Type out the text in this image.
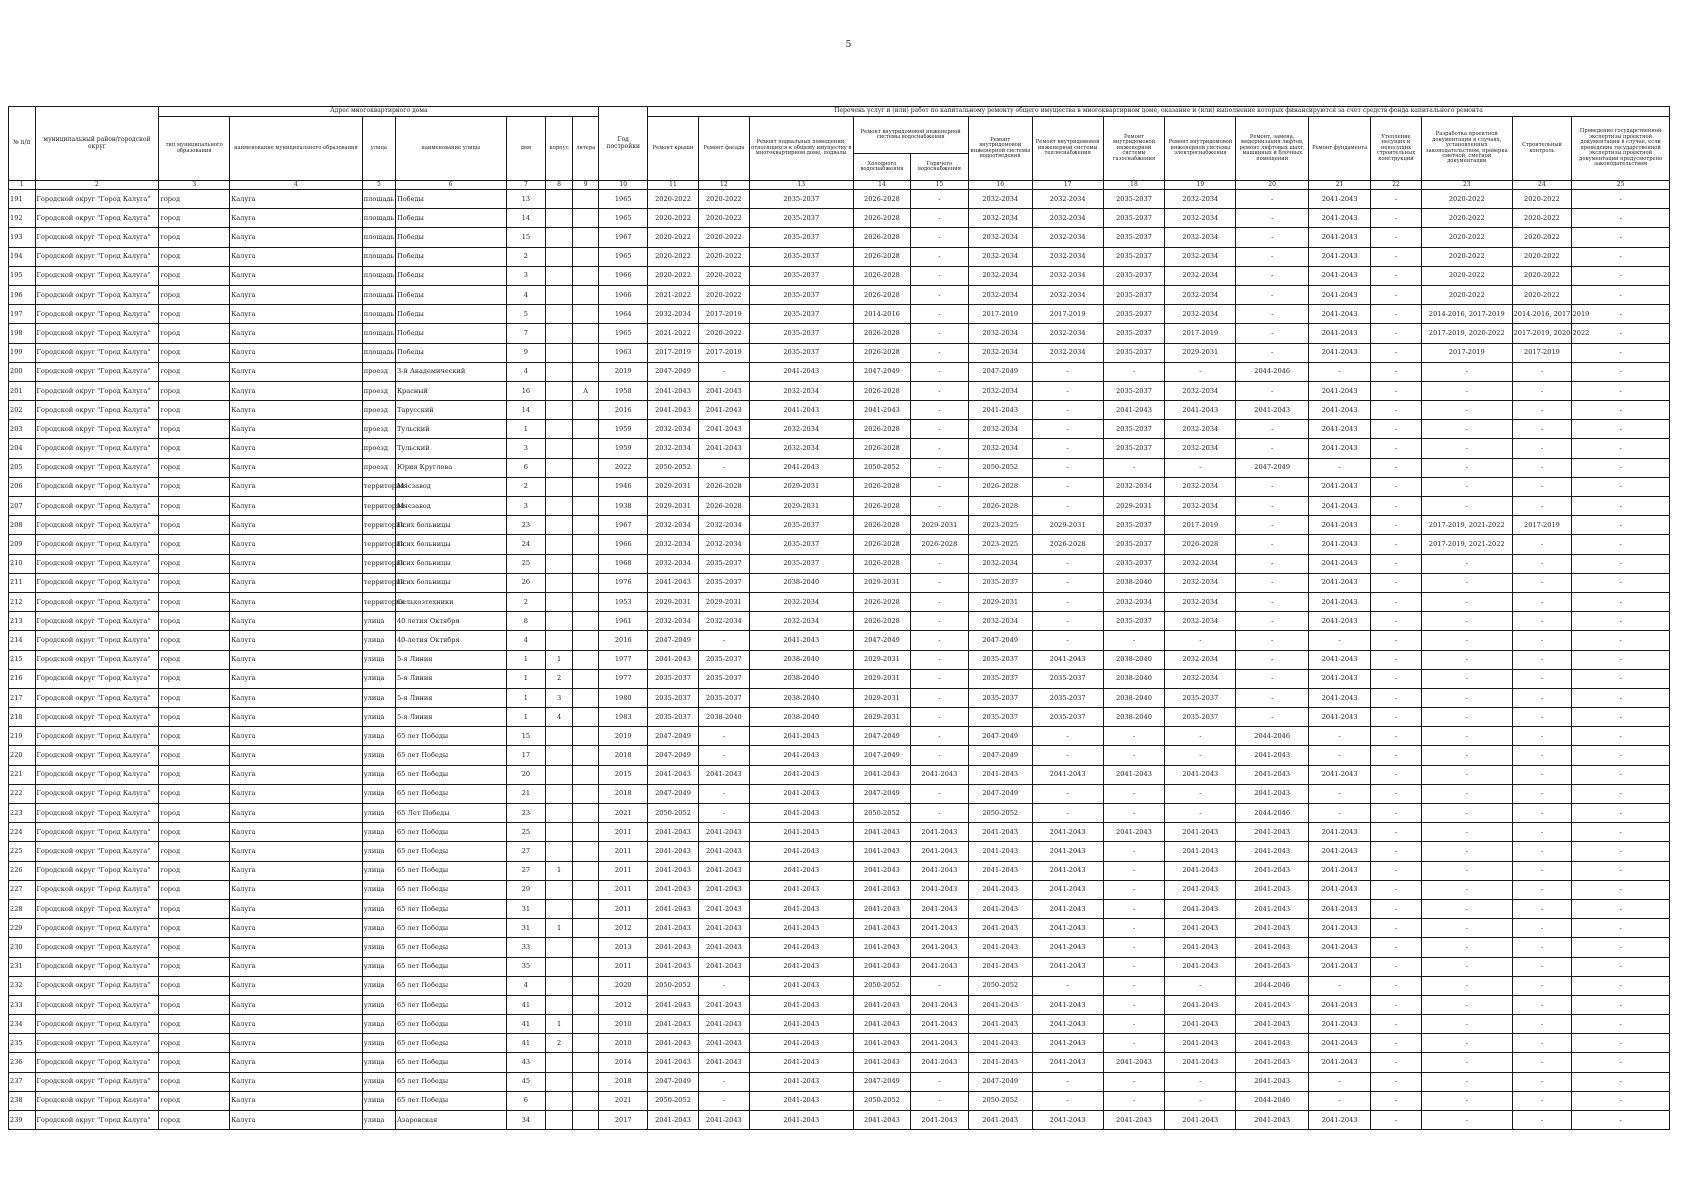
5
№ п/п	муниципальный район/городской округ	Адрес многоквартирного дома							Год постройки	Перечень услуг и (или) работ по капитальному ремонту общего имущества в многоквартирном доме, оказание и (или) выполнение которых финансируются за счет средств фонда капитального ремонта														
		тип муниципального образования	наименование муниципального образования	улица	наименование улицы	дом	корпус	литера		Ремонт крыши	Ремонт фасада	Ремонт подвальных помещений, относящихся к общему имуществу в многоквартирном доме, подвалы	Ремонт внутридомовой инженерной системы водоснабжения		Ремонт внутридомовой инженерной системы водоотведения	Ремонт внутридомовой инженерной системы теплоснабжения	Ремонт внутридомовой инженерной системы газоснабжения	Ремонт внутридомовой инженерной системы электроснабжения	Ремонт, замена, модернизация лифтов, ремонт лифтовых шахт, машинных и блочных помещений	Ремонт фундамента	Утепление несущих и ненесущих строительных конструкций	Разработка проектной документации в случаях, установленных законодательством, проверка сметной, сметной документации	Строительный контроль	Проведение государственной экспертизы проектной документации в случае, если проведение государственной экспертизы проектной документации предусмотрено законодательством
													Холодного водоснабжения	Горячего водоснабжения										
1	2	3	4	5	6	7	8	9	10	11	12	13	14	15	16	17	18	19	20	21	22	23	24	25
191	Городской округ "Город Калуга"	город	Калуга	площадь	Победы	13			1965	2020-2022	2020-2022	2035-2037	2026-2028	-	2032-2034	2032-2034	2035-2037	2032-2034	-	2041-2043	-	2020-2022	2020-2022	-
192	Городской округ "Город Калуга"	город	Калуга	площадь	Победы	14			1965	2020-2022	2020-2022	2035-2037	2026-2028	-	2032-2034	2032-2034	2035-2037	2032-2034	-	2041-2043	-	2020-2022	2020-2022	-
193	Городской округ "Город Калуга"	город	Калуга	площадь	Победы	15			1967	2020-2022	2020-2022	2035-2037	2026-2028	-	2032-2034	2032-2034	2035-2037	2032-2034	-	2041-2043	-	2020-2022	2020-2022	-
194	Городской округ "Город Калуга"	город	Калуга	площадь	Победы	2			1965	2020-2022	2020-2022	2035-2037	2026-2028	-	2032-2034	2032-2034	2035-2037	2032-2034	-	2041-2043	-	2020-2022	2020-2022	-
195	Городской округ "Город Калуга"	город	Калуга	площадь	Победы	3			1966	2020-2022	2020-2022	2035-2037	2026-2028	-	2032-2034	2032-2034	2035-2037	2032-2034	-	2041-2043	-	2020-2022	2020-2022	-
196	Городской округ "Город Калуга"	город	Калуга	площадь	Победы	4			1966	2021-2022	2020-2022	2035-2037	2026-2028	-	2032-2034	2032-2034	2035-2037	2032-2034	-	2041-2043	-	2020-2022	2020-2022	-
197	Городской округ "Город Калуга"	город	Калуга	площадь	Победы	5			1964	2032-2034	2017-2019	2035-2037	2014-2016	-	2017-2019	2017-2019	2035-2037	2032-2034	-	2041-2043	-	2014-2016, 2017-2019	2014-2016, 2017-2019	-
198	Городской округ "Город Калуга"	город	Калуга	площадь	Победы	7			1965	2021-2022	2020-2022	2035-2037	2026-2028	-	2032-2034	2032-2034	2035-2037	2017-2019	-	2041-2043	-	2017-2019, 2020-2022	2017-2019, 2020-2022	-
199	Городской округ "Город Калуга"	город	Калуга	площадь	Победы	9			1963	2017-2019	2017-2019	2035-2037	2026-2028	-	2032-2034	2032-2034	2035-2037	2029-2031	-	2041-2043	-	2017-2019	2017-2019	-
200	Городской округ "Город Калуга"	город	Калуга	проезд	3-й Академический	4			2019	2047-2049	-	2041-2043	2047-2049	-	2047-2049	-	-	-	2044-2046	-	-	-	-	-
201	Городской округ "Город Калуга"	город	Калуга	проезд	Красный	16		А	1958	2041-2043	2041-2043	2032-2034	2026-2028	-	2032-2034	-	2035-2037	2032-2034	-	2041-2043	-	-	-	-
202	Городской округ "Город Калуга"	город	Калуга	проезд	Тарусский	14			2016	2041-2043	2041-2043	2041-2043	2041-2043	-	2041-2043	-	2041-2043	2041-2043	2041-2043	2041-2043	-	-	-	-
203	Городской округ "Город Калуга"	город	Калуга	проезд	Тульский	1			1959	2032-2034	2041-2043	2032-2034	2026-2028	-	2032-2034	-	2035-2037	2032-2034	-	2041-2043	-	-	-	-
204	Городской округ "Город Калуга"	город	Калуга	проезд	Тульский	3			1959	2032-2034	2041-2043	2032-2034	2026-2028	-	2032-2034	-	2035-2037	2032-2034	-	2041-2043	-	-	-	-
205	Городской округ "Город Калуга"	город	Калуга	проезд	Юрия Круглова	6			2022	2050-2052	-	2041-2043	2050-2052	-	2050-2052	-	-	-	2047-2049	-	-	-	-	-
206	Городской округ "Город Калуга"	город	Калуга	территория	Мясзавод	2			1946	2029-2031	2026-2028	2029-2031	2026-2028	-	2026-2028	-	2032-2034	2032-2034	-	2041-2043	-	-	-	-
207	Городской округ "Город Калуга"	город	Калуга	территория	Мясзавод	3			1938	2029-2031	2026-2028	2029-2031	2026-2028	-	2026-2028	-	2029-2031	2032-2034	-	2041-2043	-	-	-	-
208	Городской округ "Город Калуга"	город	Калуга	территория	Псих больницы	23			1967	2032-2034	2032-2034	2035-2037	2026-2028	2029-2031	2023-2025	2029-2031	2035-2037	2017-2019	-	2041-2043	-	2017-2019, 2021-2022	2017-2019	-
209	Городской округ "Город Калуга"	город	Калуга	территория	Псих больницы	24			1966	2032-2034	2032-2034	2035-2037	2026-2028	2026-2028	2023-2025	2026-2028	2035-2037	2026-2028	-	2041-2043	-	2017-2019, 2021-2022	-	-
210	Городской округ "Город Калуга"	город	Калуга	территория	Псих больницы	25			1968	2032-2034	2035-2037	2035-2037	2026-2028	-	2032-2034	-	2035-2037	2032-2034	-	2041-2043	-	-	-	-
211	Городской округ "Город Калуга"	город	Калуга	территория	Псих больницы	26			1976	2041-2043	2035-2037	2038-2040	2029-2031	-	2035-2037	-	2038-2040	2032-2034	-	2041-2043	-	-	-	-
212	Городской округ "Город Калуга"	город	Калуга	территория	Сельхозтехники	2			1953	2029-2031	2029-2031	2032-2034	2026-2028	-	2029-2031	-	2032-2034	2032-2034	-	2041-2043	-	-	-	-
213	Городской округ "Город Калуга"	город	Калуга	улица	40 летия Октября	8			1961	2032-2034	2032-2034	2032-2034	2026-2028	-	2032-2034	-	2035-2037	2032-2034	-	2041-2043	-	-	-	-
214	Городской округ "Город Калуга"	город	Калуга	улица	40-летия Октября	4			2016	2047-2049	-	2041-2043	2047-2049	-	2047-2049	-	-	-	-	-	-	-	-	-
215	Городской округ "Город Калуга"	город	Калуга	улица	5-я Линия	1	1		1977	2041-2043	2035-2037	2038-2040	2029-2031	-	2035-2037	2041-2043	2038-2040	2032-2034	-	2041-2043	-	-	-	-
216	Городской округ "Город Калуга"	город	Калуга	улица	5-я Линия	1	2		1977	2035-2037	2035-2037	2038-2040	2029-2031	-	2035-2037	2035-2037	2038-2040	2032-2034	-	2041-2043	-	-	-	-
217	Городской округ "Город Калуга"	город	Калуга	улица	5-я Линия	1	3		1980	2035-2037	2035-2037	2038-2040	2029-2031	-	2035-2037	2035-2037	2038-2040	2035-2037	-	2041-2043	-	-	-	-
218	Городской округ "Город Калуга"	город	Калуга	улица	5-я Линия	1	4		1983	2035-2037	2038-2040	2038-2040	2029-2031	-	2035-2037	2035-2037	2038-2040	2035-2037	-	2041-2043	-	-	-	-
219	Городской округ "Город Калуга"	город	Калуга	улица	65 лет Победы	15			2019	2047-2049	-	2041-2043	2047-2049	-	2047-2049	-	-	-	2044-2046	-	-	-	-	-
220	Городской округ "Город Калуга"	город	Калуга	улица	65 лет Победы	17			2018	2047-2049	-	2041-2043	2047-2049	-	2047-2049	-	-	-	2041-2043	-	-	-	-	-
221	Городской округ "Город Калуга"	город	Калуга	улица	65 лет Победы	20			2015	2041-2043	2041-2043	2041-2043	2041-2043	2041-2043	2041-2043	2041-2043	2041-2043	2041-2043	2041-2043	2041-2043	-	-	-	-
222	Городской округ "Город Калуга"	город	Калуга	улица	65 лет Победы	21			2018	2047-2049	-	2041-2043	2047-2049	-	2047-2049	-	-	-	2041-2043	-	-	-	-	-
223	Городской округ "Город Калуга"	город	Калуга	улица	65 Лет Победы	23			2021	2050-2052	-	2041-2043	2050-2052	-	2050-2052	-	-	-	2044-2046	-	-	-	-	-
224	Городской округ "Город Калуга"	город	Калуга	улица	65 лет Победы	25			2011	2041-2043	2041-2043	2041-2043	2041-2043	2041-2043	2041-2043	2041-2043	2041-2043	2041-2043	2041-2043	2041-2043	-	-	-	-
225	Городской округ "Город Калуга"	город	Калуга	улица	65 лет Победы	27			2011	2041-2043	2041-2043	2041-2043	2041-2043	2041-2043	2041-2043	2041-2043	-	2041-2043	2041-2043	2041-2043	-	-	-	-
226	Городской округ "Город Калуга"	город	Калуга	улица	65 лет Победы	27	1		2011	2041-2043	2041-2043	2041-2043	2041-2043	2041-2043	2041-2043	2041-2043	-	2041-2043	2041-2043	2041-2043	-	-	-	-
227	Городской округ "Город Калуга"	город	Калуга	улица	65 лет Победы	29			2011	2041-2043	2041-2043	2041-2043	2041-2043	2041-2043	2041-2043	2041-2043	-	2041-2043	2041-2043	2041-2043	-	-	-	-
228	Городской округ "Город Калуга"	город	Калуга	улица	65 лет Победы	31			2011	2041-2043	2041-2043	2041-2043	2041-2043	2041-2043	2041-2043	2041-2043	-	2041-2043	2041-2043	2041-2043	-	-	-	-
229	Городской округ "Город Калуга"	город	Калуга	улица	65 лет Победы	31	1		2012	2041-2043	2041-2043	2041-2043	2041-2043	2041-2043	2041-2043	2041-2043	-	2041-2043	2041-2043	2041-2043	-	-	-	-
230	Городской округ "Город Калуга"	город	Калуга	улица	65 лет Победы	33			2013	2041-2043	2041-2043	2041-2043	2041-2043	2041-2043	2041-2043	2041-2043	-	2041-2043	2041-2043	2041-2043	-	-	-	-
231	Городской округ "Город Калуга"	город	Калуга	улица	65 лет Победы	35			2011	2041-2043	2041-2043	2041-2043	2041-2043	2041-2043	2041-2043	2041-2043	-	2041-2043	2041-2043	2041-2043	-	-	-	-
232	Городской округ "Город Калуга"	город	Калуга	улица	65 лет Победы	4			2020	2050-2052	-	2041-2043	2050-2052	-	2050-2052	-	-	-	2044-2046	-	-	-	-	-
233	Городской округ "Город Калуга"	город	Калуга	улица	65 лет Победы	41			2012	2041-2043	2041-2043	2041-2043	2041-2043	2041-2043	2041-2043	2041-2043	-	2041-2043	2041-2043	2041-2043	-	-	-	-
234	Городской округ "Город Калуга"	город	Калуга	улица	65 лет Победы	41	1		2010	2041-2043	2041-2043	2041-2043	2041-2043	2041-2043	2041-2043	2041-2043	-	2041-2043	2041-2043	2041-2043	-	-	-	-
235	Городской округ "Город Калуга"	город	Калуга	улица	65 лет Победы	41	2		2010	2041-2043	2041-2043	2041-2043	2041-2043	2041-2043	2041-2043	2041-2043	-	2041-2043	2041-2043	2041-2043	-	-	-	-
236	Городской округ "Город Калуга"	город	Калуга	улица	65 лет Победы	43			2014	2041-2043	2041-2043	2041-2043	2041-2043	2041-2043	2041-2043	2041-2043	2041-2043	2041-2043	2041-2043	2041-2043	-	-	-	-
237	Городской округ "Город Калуга"	город	Калуга	улица	65 лет Победы	45			2018	2047-2049	-	2041-2043	2047-2049	-	2047-2049	-	-	-	2041-2043	-	-	-	-	-
238	Городской округ "Город Калуга"	город	Калуга	улица	65 лет Победы	6			2021	2050-2052	-	2041-2043	2050-2052	-	2050-2052	-	-	-	2044-2046	-	-	-	-	-
239	Городской округ "Город Калуга"	город	Калуга	улица	Азаровская	34			2017	2041-2043	2041-2043	2041-2043	2041-2043	2041-2043	2041-2043	2041-2043	2041-2043	2041-2043	2041-2043	2041-2043	-	-	-	-
